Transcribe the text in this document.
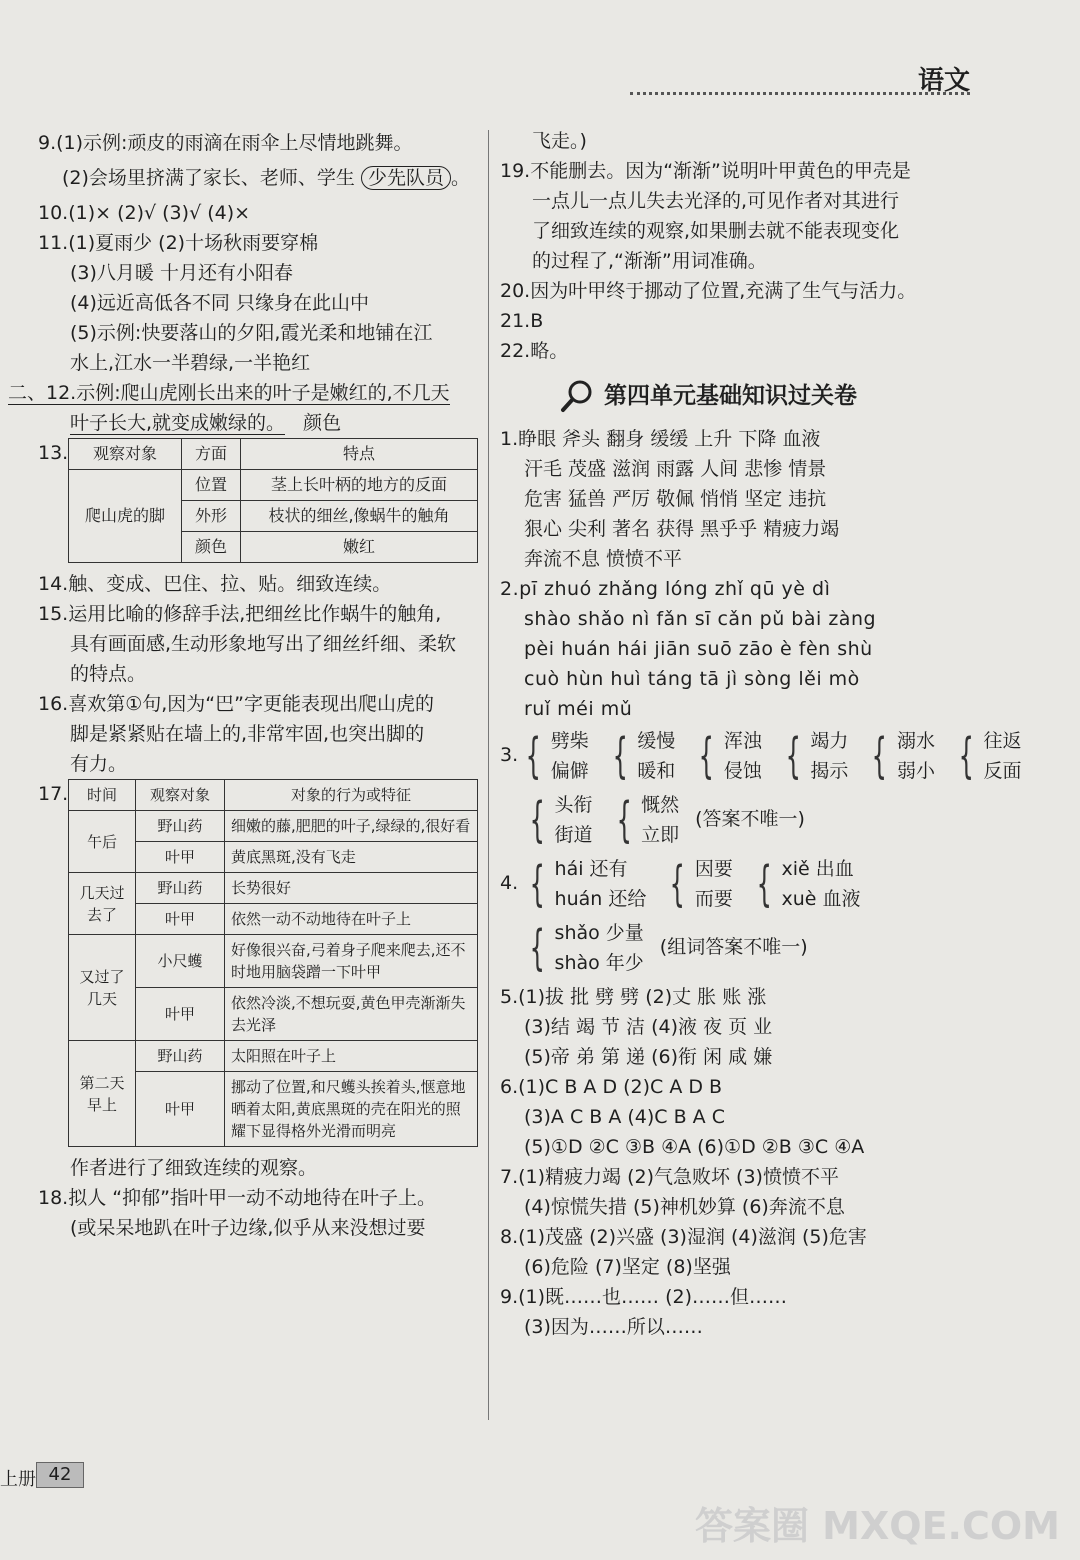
语文
9.(1)示例:顽皮的雨滴在雨伞上尽情地跳舞。
(2)会场里挤满了家长、老师、学生 少先队员 。
10.(1)× (2)√ (3)√ (4)×
11.(1)夏雨少 (2)十场秋雨要穿棉
(3)八月暖 十月还有小阳春
(4)远近高低各不同 只缘身在此山中
(5)示例:快要落山的夕阳,霞光柔和地铺在江
水上,江水一半碧绿,一半艳红
二、12.示例:爬山虎刚长出来的叶子是嫩红的,不几天
叶子长大,就变成嫩绿的。 颜色
13.	观察对象	方面	特点
爬山虎的脚	位置	茎上长叶柄的地方的反面
	外形	枝状的细丝,像蜗牛的触角
	颜色	嫩红
14.触、变成、巴住、拉、贴。细致连续。
15.运用比喻的修辞手法,把细丝比作蜗牛的触角,
具有画面感,生动形象地写出了细丝纤细、柔软
的特点。
16.喜欢第①句,因为“巴”字更能表现出爬山虎的
脚是紧紧贴在墙上的,非常牢固,也突出脚的
有力。
17.	时间	观察对象	对象的行为或特征
午后	野山药	细嫩的藤,肥肥的叶子,绿绿的,很好看
	叶甲	黄底黑斑,没有飞走
几天过去了	野山药	长势很好
	叶甲	依然一动不动地待在叶子上
又过了几天	小尺蠖	好像很兴奋,弓着身子爬来爬去,还不时地用脑袋蹭一下叶甲
	叶甲	依然冷淡,不想玩耍,黄色甲壳渐渐失去光泽
第二天早上	野山药	太阳照在叶子上
	叶甲	挪动了位置,和尺蠖头挨着头,惬意地晒着太阳,黄底黑斑的壳在阳光的照耀下显得格外光滑而明亮
作者进行了细致连续的观察。
18.拟人 “抑郁”指叶甲一动不动地待在叶子上。
(或呆呆地趴在叶子边缘,似乎从来没想过要
飞走。)
19.不能删去。因为“渐渐”说明叶甲黄色的甲壳是
一点儿一点儿失去光泽的,可见作者对其进行
了细致连续的观察,如果删去就不能表现变化
的过程了,“渐渐”用词准确。
20.因为叶甲终于挪动了位置,充满了生气与活力。
21.B
22.略。
第四单元基础知识过关卷
1.睁眼 斧头 翻身 缓缓 上升 下降 血液
汗毛 茂盛 滋润 雨露 人间 悲惨 情景
危害 猛兽 严厉 敬佩 悄悄 坚定 违抗
狠心 尖利 著名 获得 黑乎乎 精疲力竭
奔流不息 愤愤不平
2.pī zhuó zhǎng lóng zhǐ qū yè dì
shào shǎo nì fǎn sī cǎn pǔ bài zàng
pèi huán hái jiān suō zāo è fèn shù
cuò hùn huì táng tā jì sòng lěi mò
ruǐ méi mǔ
3. { 劈柴
偏僻 { 缓慢
暖和 { 浑浊
侵蚀 { 竭力
揭示 { 溺水
弱小 { 往返
反面
{ 头衔
街道 { 慨然
立即
(答案不唯一)
4. { hái 还有
huán 还给 { 因要
而要 { xiě 出血
xuè 血液
{ shǎo 少量
shào 年少
(组词答案不唯一)
5.(1)拔 批 劈 劈 (2)丈 胀 账 涨
(3)结 竭 节 洁 (4)液 夜 页 业
(5)帝 弟 第 递 (6)衔 闲 咸 嫌
6.(1)C B A D (2)C A D B
(3)A C B A (4)C B A C
(5)①D ②C ③B ④A (6)①D ②B ③C ④A
7.(1)精疲力竭 (2)气急败坏 (3)愤愤不平
(4)惊慌失措 (5)神机妙算 (6)奔流不息
8.(1)茂盛 (2)兴盛 (3)湿润 (4)滋润 (5)危害
(6)危险 (7)坚定 (8)坚强
9.(1)既……也…… (2)……但……
(3)因为……所以……
上册 42
答案圈 MXQE.COM
